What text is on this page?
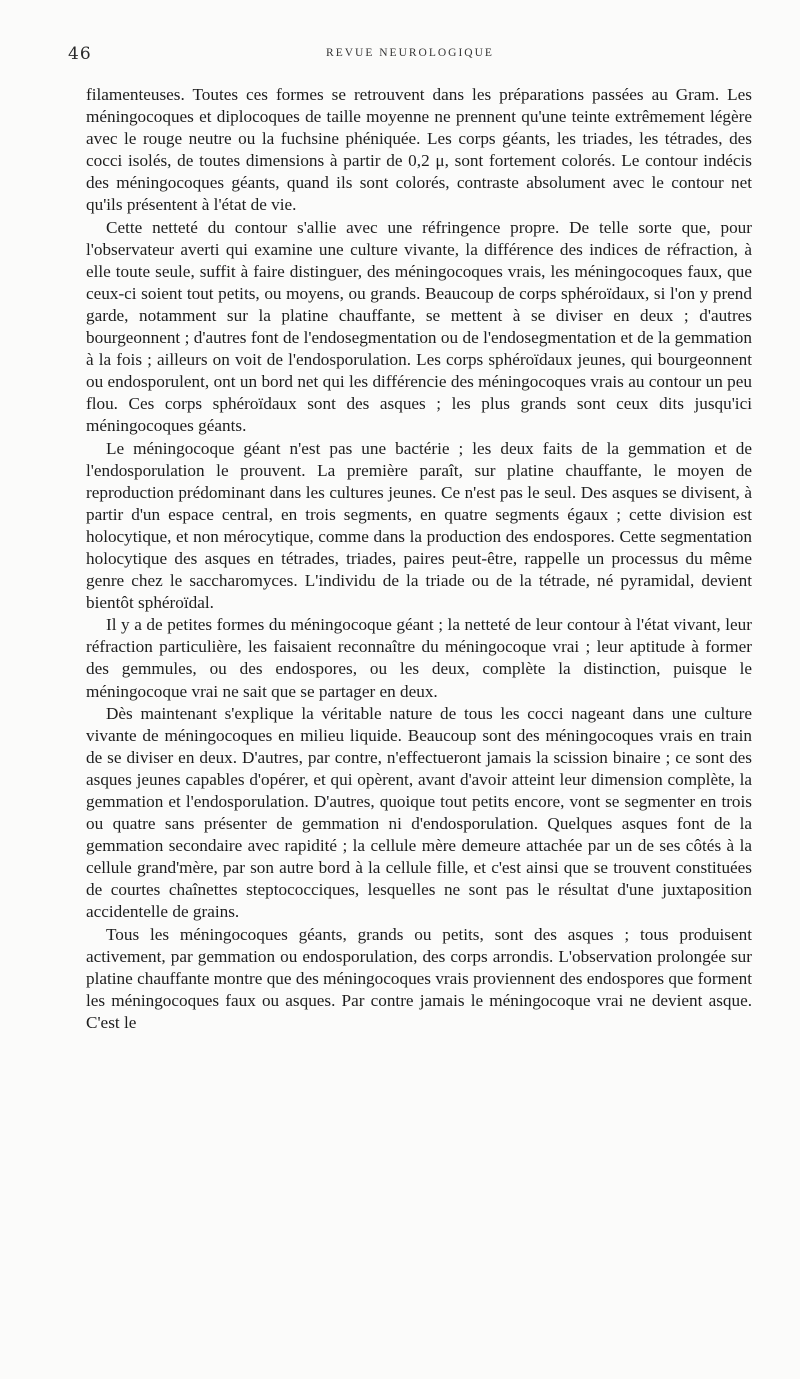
46	REVUE NEUROLOGIQUE

filamenteuses. Toutes ces formes se retrouvent dans les préparations passées au Gram. Les méningocoques et diplocoques de taille moyenne ne prennent qu'une teinte extrêmement légère avec le rouge neutre ou la fuchsine phéniquée. Les corps géants, les triades, les tétrades, des cocci isolés, de toutes dimensions à partir de 0,2 μ, sont fortement colorés. Le contour indécis des méningocoques géants, quand ils sont colorés, contraste absolument avec le contour net qu'ils présentent à l'état de vie.

Cette netteté du contour s'allie avec une réfringence propre. De telle sorte que, pour l'observateur averti qui examine une culture vivante, la différence des indices de réfraction, à elle toute seule, suffit à faire distinguer, des méningocoques vrais, les méningocoques faux, que ceux-ci soient tout petits, ou moyens, ou grands. Beaucoup de corps sphéroïdaux, si l'on y prend garde, notamment sur la platine chauffante, se mettent à se diviser en deux ; d'autres bourgeonnent ; d'autres font de l'endosegmentation ou de l'endosegmentation et de la gemmation à la fois ; ailleurs on voit de l'endosporulation. Les corps sphéroïdaux jeunes, qui bourgeonnent ou endosporulent, ont un bord net qui les différencie des méningocoques vrais au contour un peu flou. Ces corps sphéroïdaux sont des asques ; les plus grands sont ceux dits jusqu'ici méningocoques géants.

Le méningocoque géant n'est pas une bactérie ; les deux faits de la gemmation et de l'endosporulation le prouvent. La première paraît, sur platine chauffante, le moyen de reproduction prédominant dans les cultures jeunes. Ce n'est pas le seul. Des asques se divisent, à partir d'un espace central, en trois segments, en quatre segments égaux ; cette division est holocytique, et non mérocytique, comme dans la production des endospores. Cette segmentation holocytique des asques en tétrades, triades, paires peut-être, rappelle un processus du même genre chez le saccharomyces. L'individu de la triade ou de la tétrade, né pyramidal, devient bientôt sphéroïdal.

Il y a de petites formes du méningocoque géant ; la netteté de leur contour à l'état vivant, leur réfraction particulière, les faisaient reconnaître du méningocoque vrai ; leur aptitude à former des gemmules, ou des endospores, ou les deux, complète la distinction, puisque le méningocoque vrai ne sait que se partager en deux.

Dès maintenant s'explique la véritable nature de tous les cocci nageant dans une culture vivante de méningocoques en milieu liquide. Beaucoup sont des méningocoques vrais en train de se diviser en deux. D'autres, par contre, n'effectueront jamais la scission binaire ; ce sont des asques jeunes capables d'opérer, et qui opèrent, avant d'avoir atteint leur dimension complète, la gemmation et l'endosporulation. D'autres, quoique tout petits encore, vont se segmenter en trois ou quatre sans présenter de gemmation ni d'endosporulation. Quelques asques font de la gemmation secondaire avec rapidité ; la cellule mère demeure attachée par un de ses côtés à la cellule grand'mère, par son autre bord à la cellule fille, et c'est ainsi que se trouvent constituées de courtes chaînettes steptococciques, lesquelles ne sont pas le résultat d'une juxtaposition accidentelle de grains.

Tous les méningocoques géants, grands ou petits, sont des asques ; tous produisent activement, par gemmation ou endosporulation, des corps arrondis. L'observation prolongée sur platine chauffante montre que des méningocoques vrais proviennent des endospores que forment les méningocoques faux ou asques. Par contre jamais le méningocoque vrai ne devient asque. C'est le
